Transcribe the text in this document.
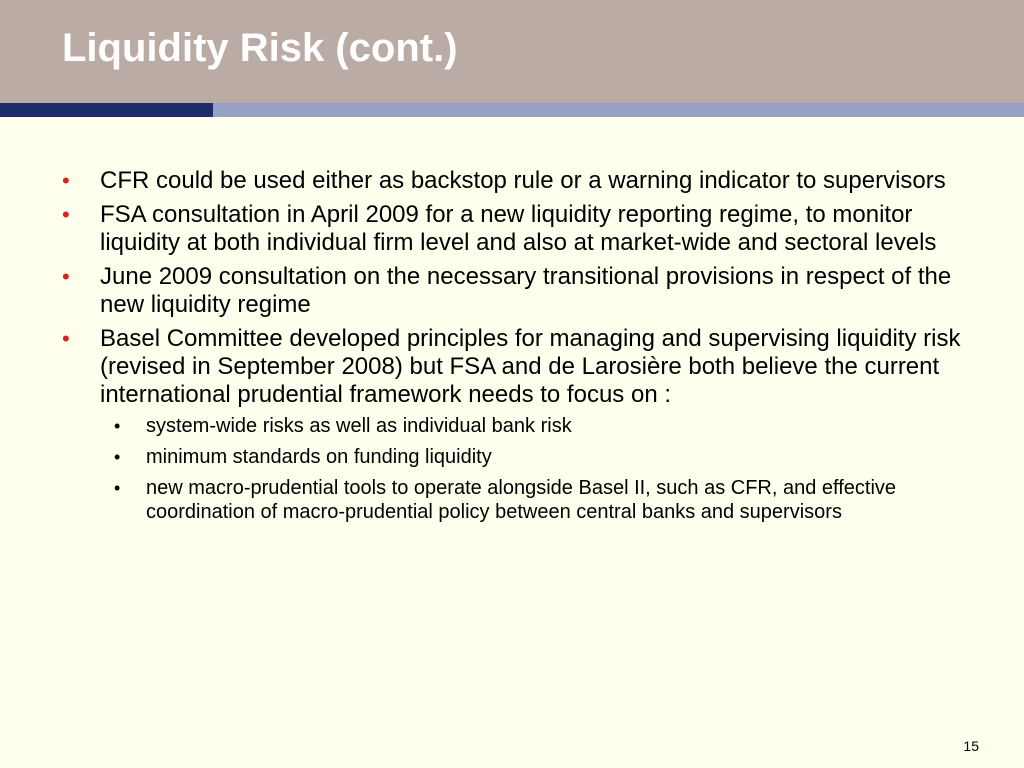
Liquidity Risk (cont.)
• CFR could be used either as backstop rule or a warning indicator to supervisors
• FSA consultation in April 2009 for a new liquidity reporting regime, to monitor liquidity at both individual firm level and also at market-wide and sectoral levels
• June 2009 consultation on the necessary transitional provisions in respect of the new liquidity regime
• Basel Committee developed principles for managing and supervising liquidity risk (revised in September 2008) but FSA and de Larosière both believe the current international prudential framework needs to focus on :
• system-wide risks as well as individual bank risk
• minimum standards on funding liquidity
• new macro-prudential tools to operate alongside Basel II, such as CFR, and effective coordination of macro-prudential policy between central banks and supervisors
15
